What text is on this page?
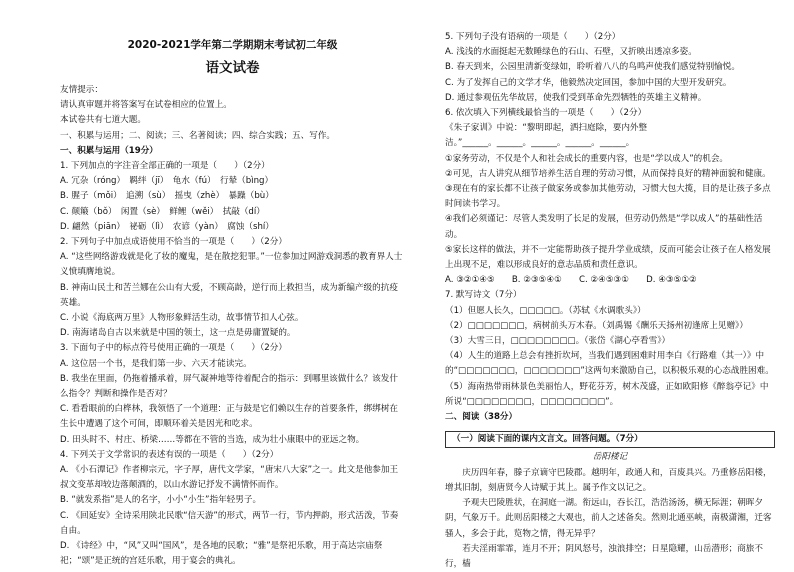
2020-2021学年第二学期期末考试初二年级
语文试卷
友情提示：
请认真审题并将答案写在试卷相应的位置上。
本试卷共有七道大题。
一、积累与运用；二、阅读；三、名著阅读；四、综合实践；五、写作。
一、积累与运用（19分）
1. 下列加点的字注音全部正确的一项是（　　）（2分）
A. 冗杂（róng）　羁绊（jī）　龟水（fú）　行辇（bìng）
B. 腥子（mǒi）　追溯（sù）　摇曳（zhè）　暴躁（bù）
C. 颠簸（bǒ）　闲置（sè）　鲜鲤（wěi）　拭敲（dí）
D. 翩然（piān）　祕砺（lì）　农谚（yàn）　腐蚀（shí）
2. 下列句子中加点成语使用不恰当的一项是（　　）（2分）
A. “这些网络游戏就是化了妆的魔鬼，是在散挖犯罪。”一位参加过网游戏洞悉的教育界人士义愤填膺地说。
B. 神南山民土和苦兰娜在公山有大爱，不顾高龄，逆行而上救担当，成为新编产级的抗疫英雄。
C. 小说《海底两万里》人物形象鲜活生动，故事情节扣人心弦。
D. 南海诸岛自古以来就是中国的领土，这一点是毋庸置疑的。
3. 下面句子中的标点符号使用正确的一项是（　　）（2分）
A. 这位居一个书，是我们第一步、六天才能读完。
B. 我坐在里面，仍拖着播承着，屏气凝神地等待着配合的指示：到哪里该做什么？该发什么指令？判断和操作是否对？
C. 看看眼前的白桦林，我领悟了一个道理：正与鼓是它们赖以生存的首要条件，绑绑树在生长中遭遇了这个可间，即顺环着关是因光和吃求。
D. 田头时不、村庄、桥梁……等都在不管的当选，成为壮小康眼中的亚远之物。
4. 下列关于文学常识的表述有误的一项是（　　）（2分）
A. 《小石潭记》作者柳宗元，字子厚，唐代文学家，“唐宋八大家”之一。此文是他参加王叔文变革却较边落颠酒的，以山水游记抒发不满情怀而作。
B. “就发系指”是人的名字，小小“小生”指年轻男子。
C. 《回延安》全诗采用陕北民歌“信天游”的形式，两节一行，节内押韵，形式活泼，节奏自由。
D. 《诗经》中，“风”又叫“国风”，是各地的民歌；“雅”是祭祀乐歌，用于高达宗庙祭祀；“颂”是正统的宫廷乐歌，用于宴会的典礼。
5. 下列句子没有语病的一项是（　　）（2分）
A. 浅浅的水面挺起无数睡绿色的石山、石壁，又折映出透凉多姿。
B. 春天到来，公园里清新变绿如，聆听着八八的鸟鸣声使我们感觉特别愉悦。
C. 为了发挥自己的文学才华，他毅然决定回国，参加中国的大型开发研究。
D. 通过参观伍先华故居，使我们受到革命先烈牺牲的英雄主义精神。
6. 依次填入下列横线最恰当的一项是（　　）（2分）
《朱子家训》中说：“黎明即起，洒扫庭除，要内外整
洁。”______。______。______。______。______。
①家务劳动，不仅是个人和社会成长的重要内容，也是“学以成人”的机会。
②可见，古人讲究从细节培养生活自理的劳动习惯，从而保持良好的精神面貌和健康。
③现在有的家长都不让孩子做家务或参加其他劳动，习惯大包大揽，目的是让孩子多点时间读书学习。
④我们必须谨记：尽管人类发明了长足的发展，但劳动仍然是“学以成人”的基础性活动。
⑤家长这样的做法，并不一定能帮助孩子提升学业成绩，反而可能会让孩子在人格发展上出现不足，难以形成良好的意志品质和责任意识。
A. ③②①④⑤　　B. ②③⑤④①　　C. ②④⑤③①　　D. ④③⑤①②
7. 默写诗文（7分）
（1）但愿人长久，□□□□□。（苏轼《水调歌头》）
（2）□□□□□□□，病树前头万木春。（刘禹锡《酬乐天扬州初逢席上见赠》）
（3）大雪三日，□□□□□□□□。（张岱《湖心亭看雪》）
（4）人生的道路上总会有挫折坎坷，当我们遇到困难时用李白《行路难（其一）》中的“□□□□□□□，□□□□□□□”这两句来激励自己，以积极乐观的心态战胜困难。
（5）海南热带雨林景色美丽怡人，野花芬芳，树木茂盛，正如欧阳修《醉翁亭记》中所说“□□□□□□□□，□□□□□□□□”。
二、阅读（38分）
（一）阅读下面的课内文言文。回答问题。（7分）
岳阳楼记
庆历四年春，滕子京谪守巴陵郡。越明年，政通人和，百废具兴。乃重修岳阳楼，增其旧制，刻唐贤今人诗赋于其上。属予作文以记之。
予观夫巴陵胜状，在洞庭一湖。衔远山，吞长江，浩浩汤汤，横无际涯；朝晖夕阴，气象万千。此则岳阳楼之大观也，前人之述备矣。然则北通巫峡，南极潇湘，迁客骚人，多会于此，览物之情，得无异乎？
若夫淫雨霏霏，连月不开；阴风怒号，浊浪排空；日星隐耀，山岳潜形；商旅不行，樯
